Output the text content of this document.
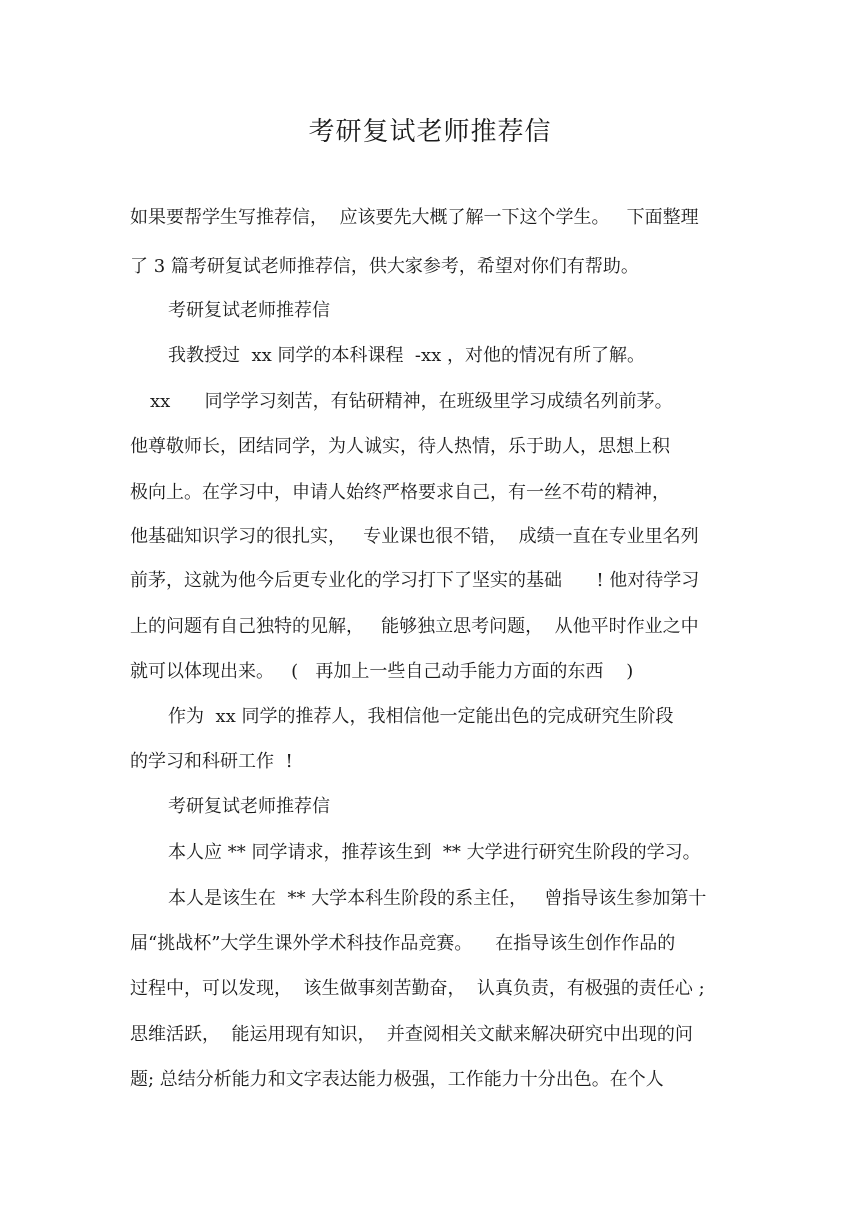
考研复试老师推荐信
如果要帮学生写推荐信，  应该要先大概了解一下这个学生。   下面整理
了 3 篇考研复试老师推荐信，供大家参考，希望对你们有帮助。
考研复试老师推荐信
我教授过  xx 同学的本科课程  -xx ，对他的情况有所了解。
xx      同学学习刻苦，有钻研精神，在班级里学习成绩名列前茅。
他尊敬师长，团结同学，为人诚实，待人热情，乐于助人，思想上积
极向上。在学习中，申请人始终严格要求自己，有一丝不苟的精神，
他基础知识学习的很扎实，   专业课也很不错，  成绩一直在专业里名列
前茅，这就为他今后更专业化的学习打下了坚实的基础      ! 他对待学习
上的问题有自己独特的见解，   能够独立思考问题，  从他平时作业之中
就可以体现出来。   (   再加上一些自己动手能力方面的东西    )
作为  xx 同学的推荐人，我相信他一定能出色的完成研究生阶段
的学习和科研工作  !
考研复试老师推荐信
本人应 ** 同学请求，推荐该生到  ** 大学进行研究生阶段的学习。
本人是该生在  ** 大学本科生阶段的系主任，   曾指导该生参加第十
届“挑战杯”大学生课外学术科技作品竞赛。    在指导该生创作作品的
过程中，可以发现，  该生做事刻苦勤奋，  认真负责，有极强的责任心 ;
思维活跃，  能运用现有知识，  并查阅相关文献来解决研究中出现的问
题; 总结分析能力和文字表达能力极强，工作能力十分出色。在个人
